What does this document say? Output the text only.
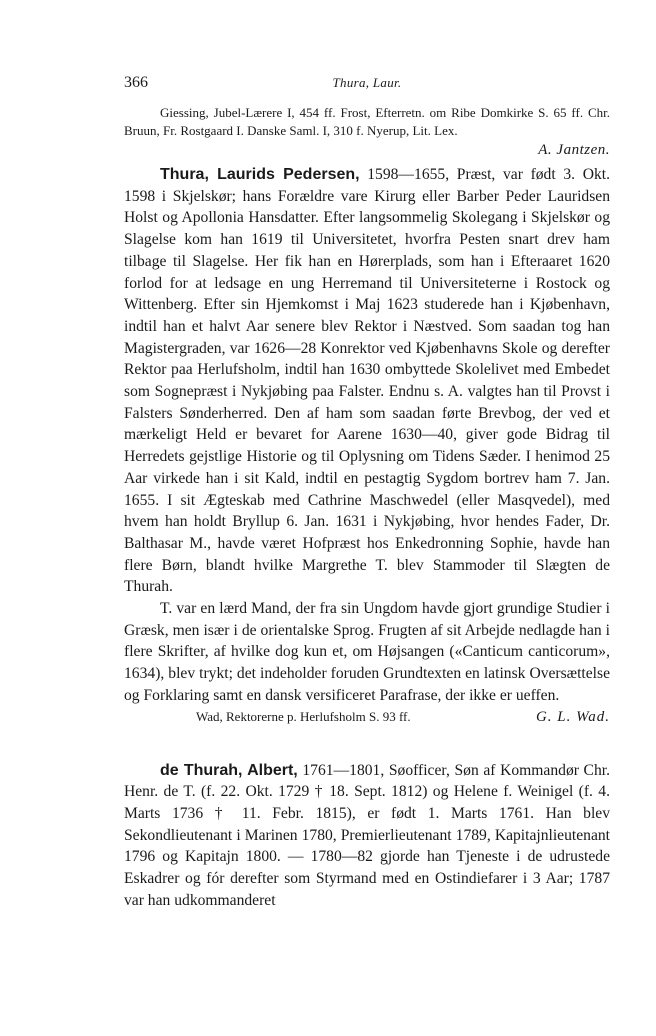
366	Thura, Laur.

Giessing, Jubel-Lærere I, 454 ff. Frost, Efterretn. om Ribe Domkirke S. 65 ff. Chr. Bruun, Fr. Rostgaard I. Danske Saml. I, 310 f. Nyerup, Lit. Lex.

A. Jantzen.

Thura, Laurids Pedersen, 1598—1655, Præst, var født 3. Okt. 1598 i Skjelskør; hans Forældre vare Kirurg eller Barber Peder Lauridsen Holst og Apollonia Hansdatter. Efter langsommelig Skolegang i Skjelskør og Slagelse kom han 1619 til Universitetet, hvorfra Pesten snart drev ham tilbage til Slagelse. Her fik han en Hørerplads, som han i Efteraaret 1620 forlod for at ledsage en ung Herremand til Universiteterne i Rostock og Wittenberg. Efter sin Hjemkomst i Maj 1623 studerede han i Kjøbenhavn, indtil han et halvt Aar senere blev Rektor i Næstved. Som saadan tog han Magistergraden, var 1626—28 Konrektor ved Kjøbenhavns Skole og derefter Rektor paa Herlufsholm, indtil han 1630 ombyttede Skolelivet med Embedet som Sognepræst i Nykjøbing paa Falster. Endnu s. A. valgtes han til Provst i Falsters Sønderherred. Den af ham som saadan førte Brevbog, der ved et mærkeligt Held er bevaret for Aarene 1630—40, giver gode Bidrag til Herredets gejstlige Historie og til Oplysning om Tidens Sæder. I henimod 25 Aar virkede han i sit Kald, indtil en pestagtig Sygdom bortrev ham 7. Jan. 1655. I sit Ægteskab med Cathrine Maschwedel (eller Masqvedel), med hvem han holdt Bryllup 6. Jan. 1631 i Nykjøbing, hvor hendes Fader, Dr. Balthasar M., havde været Hofpræst hos Enkedronning Sophie, havde han flere Børn, blandt hvilke Margrethe T. blev Stammoder til Slægten de Thurah.

T. var en lærd Mand, der fra sin Ungdom havde gjort grundige Studier i Græsk, men især i de orientalske Sprog. Frugten af sit Arbejde nedlagde han i flere Skrifter, af hvilke dog kun et, om Højsangen («Canticum canticorum», 1634), blev trykt; det indeholder foruden Grundtexten en latinsk Oversættelse og Forklaring samt en dansk versificeret Parafrase, der ikke er ueffen.

Wad, Rektorerne p. Herlufsholm S. 93 ff.	G. L. Wad.

de Thurah, Albert, 1761—1801, Søofficer, Søn af Kommandør Chr. Henr. de T. (f. 22. Okt. 1729 † 18. Sept. 1812) og Helene f. Weinigel (f. 4. Marts 1736 † 11. Febr. 1815), er født 1. Marts 1761. Han blev Sekondlieutenant i Marinen 1780, Premierlieutenant 1789, Kapitajnlieutenant 1796 og Kapitajn 1800. — 1780—82 gjorde han Tjeneste i de udrustede Eskadrer og fór derefter som Styrmand med en Ostindiefarer i 3 Aar; 1787 var han udkommanderet
